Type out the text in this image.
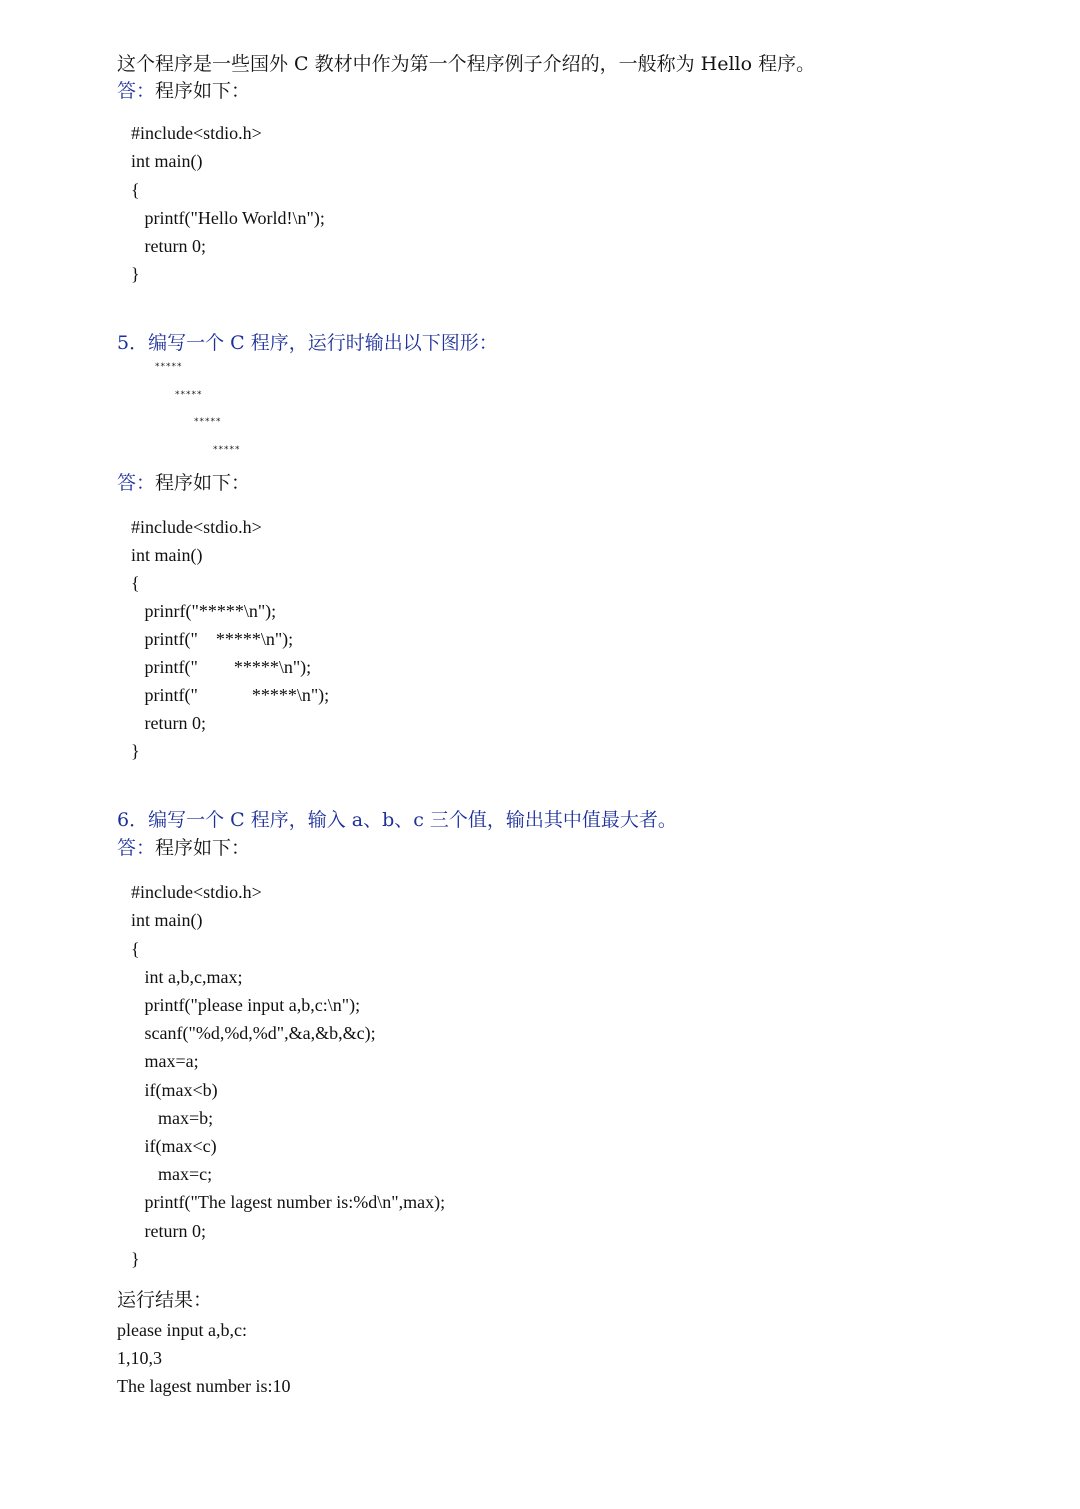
这个程序是一些国外 C 教材中作为第一个程序例子介绍的，一般称为 Hello 程序。
答：程序如下：
#include<stdio.h>
int main()
{
printf("Hello World!\n");
return 0;
}
5．编写一个 C 程序，运行时输出以下图形：
*****
*****
*****
*****
答：程序如下：
#include<stdio.h>
int main()
{
prinrf("*****\n");
printf("    *****\n");
printf("        *****\n");
printf("            *****\n");
return 0;
}
6．编写一个 C 程序，输入 a、b、c 三个值，输出其中值最大者。
答：程序如下：
#include<stdio.h>
int main()
{
int a,b,c,max;
printf("please input a,b,c:\n");
scanf("%d,%d,%d",&a,&b,&c);
max=a;
if(max<b)
max=b;
if(max<c)
max=c;
printf("The lagest number is:%d\n",max);
return 0;
}
运行结果：
please input a,b,c:
1,10,3
The lagest number is:10
